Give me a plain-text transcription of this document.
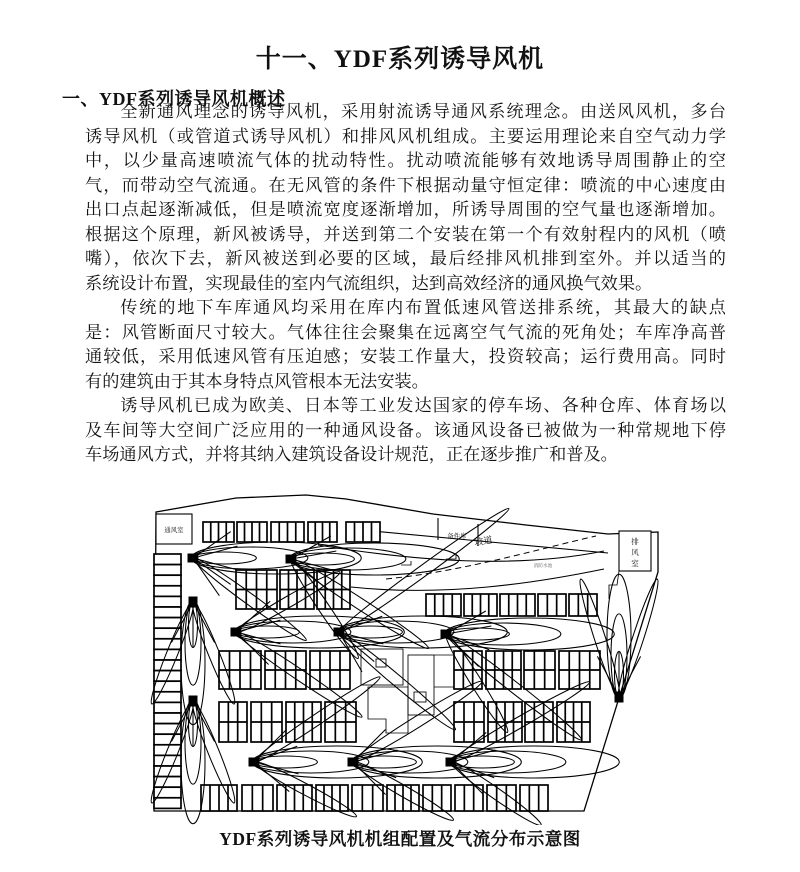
十一、YDF系列诱导风机
一、YDF系列诱导风机概述
全新通风理念的诱导风机，采用射流诱导通风系统理念。由送风风机，多台
诱导风机（或管道式诱导风机）和排风风机组成。主要运用理论来自空气动力学
中，以少量高速喷流气体的扰动特性。扰动喷流能够有效地诱导周围静止的空
气，而带动空气流通。在无风管的条件下根据动量守恒定律：喷流的中心速度由
出口点起逐渐减低，但是喷流宽度逐渐增加，所诱导周围的空气量也逐渐增加。
根据这个原理，新风被诱导，并送到第二个安装在第一个有效射程内的风机（喷
嘴），依次下去，新风被送到必要的区域，最后经排风机排到室外。并以适当的
系统设计布置，实现最佳的室内气流组织，达到高效经济的通风换气效果。
传统的地下车库通风均采用在库内布置低速风管送排系统，其最大的缺点
是：风管断面尺寸较大。气体往往会聚集在远离空气气流的死角处；车库净高普
通较低，采用低速风管有压迫感；安装工作量大，投资较高；运行费用高。同时
有的建筑由于其本身特点风管根本无法安装。
诱导风机已成为欧美、日本等工业发达国家的停车场、各种仓库、体育场以
及车间等大空间广泛应用的一种通风设备。该通风设备已被做为一种常规地下停
车场通风方式，并将其纳入建筑设备设计规范，正在逐步推广和普及。
通风室
备件库 坡道	排
风
室
消防水池
YDF系列诱导风机机组配置及气流分布示意图
